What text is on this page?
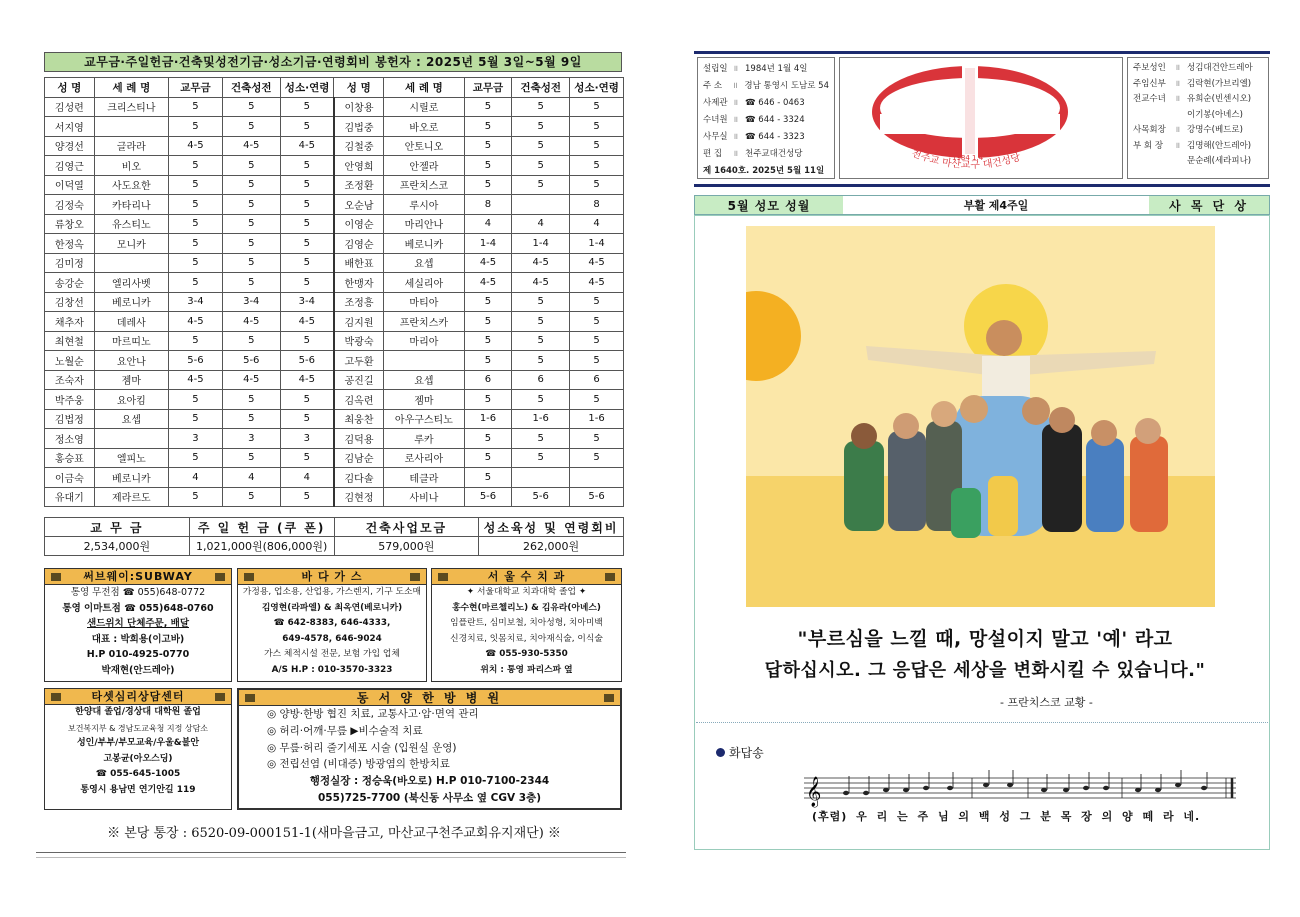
교무금·주일헌금·건축및성전기금·성소기금·연령회비 봉헌자 : 2025년 5월 3일~5월 9일
성 명	세 례 명	교무금	건축성전	성소·연령	성 명	세 례 명	교무금	건축성전	성소·연령
김성련	크리스티나	5	5	5	이창용	시릴로	5	5	5
서지영		5	5	5	김법중	바오로	5	5	5
양경선	글라라	4-5	4-5	4-5	김철중	안토니오	5	5	5
김영근	비오	5	5	5	안영희	안젤라	5	5	5
이덕열	사도요한	5	5	5	조정환	프란치스코	5	5	5
김정숙	카타리나	5	5	5	오순남	루시아	8		8
류창오	유스티노	5	5	5	이영순	마리안나	4	4	4
한정옥	모니카	5	5	5	김영순	베로니카	1-4	1-4	1-4
김미정		5	5	5	배한표	요셉	4-5	4-5	4-5
송강순	엘리사벳	5	5	5	한맹자	세실리아	4-5	4-5	4-5
김창선	베로니카	3-4	3-4	3-4	조정흥	마티아	5	5	5
채추자	데레사	4-5	4-5	4-5	김지원	프란치스카	5	5	5
최현철	마르띠노	5	5	5	박광숙	마리아	5	5	5
노월순	요안나	5-6	5-6	5-6	고두환		5	5	5
조숙자	젬마	4-5	4-5	4-5	공진길	요셉	6	6	6
박주웅	요아킴	5	5	5	김옥련	젬마	5	5	5
김법정	요셉	5	5	5	최웅찬	아우구스티노	1-6	1-6	1-6
정소영		3	3	3	김덕용	루카	5	5	5
홍승표	엘피노	5	5	5	김남순	로사리아	5	5	5
이금숙	베로니카	4	4	4	김다솔	테클라	5		
유대기	제라르도	5	5	5	김현정	사비나	5-6	5-6	5-6
교 무 금	주 일 헌 금 (쿠 폰)	건축사업모금	성소육성 및 연령회비
2,534,000원	1,021,000원(806,000원)	579,000원	262,000원
써브웨이:SUBWAY
통영 무전점 ☎ 055)648-0772
통영 이마트점 ☎ 055)648-0760
샌드위치 단체주문, 배달
대표 : 박희용(이고바)
H.P 010-4925-0770
박재현(안드레아)
바 다 가 스
가정용, 업소용, 산업용, 가스렌지, 기구 도소매
김영현(라파엘) & 최옥연(베로니카)
☎ 642-8383, 646-4333,
649-4578, 646-9024
가스 체적시설 전문, 보험 가입 업체
A/S H.P : 010-3570-3323
서 울 수 치 과
✦ 서울대학교 치과대학 졸업 ✦
홍수현(마르첼리노) & 김유라(아녜스)
임플란트, 심미보철, 치아성형, 치아미백
신경치료, 잇몸치료, 치아재식술, 이식술
☎ 055-930-5350
위치 : 통영 파리스파 옆
타셋심리상담센터
한양대 졸업/경상대 대학원 졸업
보건복지부 & 경남도교육청 지정 상담소
성인/부부/부모교육/우울&불안
고봉균(아오스딩)
☎ 055-645-1005
통영시 용남면 연기안길 119
동 서 양 한 방 병 원
◎ 양방·한방 협진 치료, 교통사고·암·면역 관리
◎ 허리·어깨·무릎 ▶비수술적 치료
◎ 무릎·허리 줄기세포 시술 (입원실 운영)
◎ 전립선염 (비대증) 방광염의 한방치료
행정실장 : 정승욱(바오로) H.P 010-7100-2344
055)725-7700 (북신동 사무소 옆 CGV 3층)
※ 본당 통장 : 6520-09-000151-1(새마을금고, 마산교구천주교회유지재단) ※
설립일 ॥ 1984년 1월 4일
주 소	॥ 경남 통영시 도남로 54
사제관 ॥ ☎ 646 - 0463
수녀원 ॥ ☎ 644 - 3324
사무실 ॥ ☎ 644 - 3323
편 집	॥ 천주교대건성당
제 1640호. 2025년 5월 11일
천주교 마산교구 대건성당
1984 1.4
주보성인	॥ 성김대건안드레아
주임신부	॥ 김락현(가브리엘)
전교수녀	॥ 유희순(빈센시오)
이기봉(아녜스)
사목회장	॥ 강명수(베드로)
부 회 장	॥ 김명해(안드레아)
문순례(세라피나)
5월 성모 성월	부활 제4주일	사 목 단 상
"부르심을 느낄 때, 망설이지 말고 '예' 라고
답하십시오. 그 응답은 세상을 변화시킬 수 있습니다."
- 프란치스코 교황 -
화답송
𝄞
(후렴) 우 리 는 주 님 의 백 성 그 분 목 장 의 양 떼 라 네.
